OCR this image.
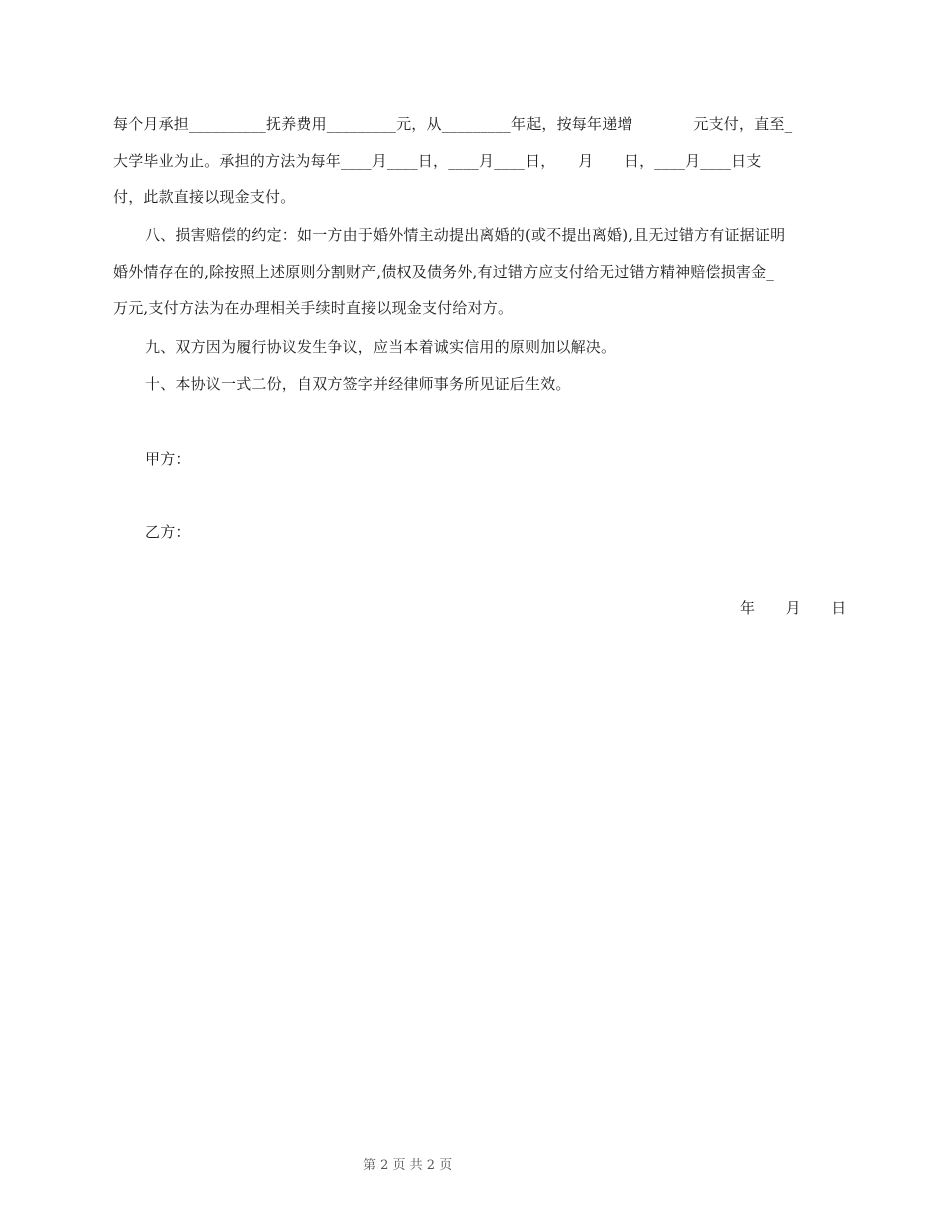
每个月承担__________抚养费用_________元，从_________年起，按每年递增　　　　元支付，直至_
大学毕业为止。承担的方法为每年____月____日，____月____日，　　月　　日，____月____日支
付，此款直接以现金支付。
八、损害赔偿的约定：如一方由于婚外情主动提出离婚的(或不提出离婚),且无过错方有证据证明
婚外情存在的,除按照上述原则分割财产,债权及债务外,有过错方应支付给无过错方精神赔偿损害金_
万元,支付方法为在办理相关手续时直接以现金支付给对方。
九、双方因为履行协议发生争议，应当本着诚实信用的原则加以解决。
十、本协议一式二份，自双方签字并经律师事务所见证后生效。
甲方：
乙方：
年　　月　　日
第 2 页 共 2 页
